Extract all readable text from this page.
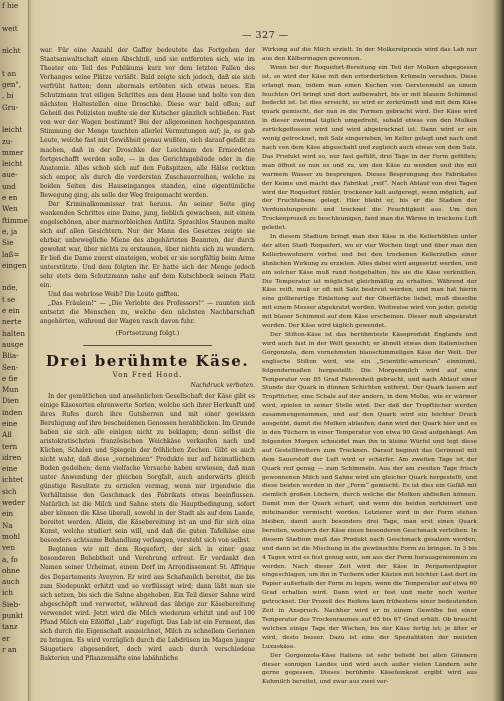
f hie

weit

nicht

t an
gen",
, bi
Gru-

leicht
zu-
mmer
leicht
aue-
und
e en
Wen
ftimme
e, ja
Sie
laß=
eingen

nde,
t se
e ein
nerte
halten
ausge
Blia-
Sen-
e fie
Mun
Dien
inden
eine
All
tern
idren
eine
ichtet
sich
weder
ein
Na
mohl
ven
a, fo
ohne
auch
ich
Sieb-
punkt
tanz
er
r an
— 327 —

war. Für eine Anzahl der Gaffer bedeutete das Fortgehen der Staatsanwaltschaft einen Abschluß, und sie entfernten sich, wie im Theater ein Teil des Publikums kurz vor dem letzten Fallen des Vorhanges seine Plätze verläßt. Bald zeigte sich jedoch, daß sie sich verfrüht hatten; denn abermals ertönten sich etwas neues. Ein Schutzmann trat eiligen Schrittes aus dem Hause und holte von den nächsten Haltestellen eine Droschke. Diese war bald offen; auf Geheiß des Polizisten mußte sie der Kutscher gänzlich schließen. Fast von wer der Wagen bestimmt? Bei der allgemeinen hochgespannten Stimmung der Menge tauchten allerlei Vermutungen auf; ja, es gab Leute, welche fast mit Gewißheit genau wußten, sich darauf gefaßt zu machen, daß in der Droschke der Leichnam des Ermordeten fortgeschafft werden solle, — in das Gerichtsgebäude oder in die Anatomie. Alles schob sich auf den Fußspitzen, alle Hälse reckten sich empor, als durch die vordersten Zuschauerreihen, welche zu beiden Seiten des Hauseinganges standen, eine eigentümliche Bewegung ging, als solle der Weg freigemacht werden.

Der Kriminalkommissar trat heraus. An seiner Seite ging wankenden Schrittes eine Dame, jung, lieblich gewachsen, mit einem engelschönen, aber marmorbleichen Antlitz. Sprachlos Staunen malte sich auf allen Gesichtern. Nur der Mann des Gesetzes zeigte sie ehrbar, unbewegliche Miene des abgehärteten Beamten, der durch gewohnt war, über nichts zu erstaunen, über nichts sich zu wundern. Er ließ die Dame zuerst einsteigen, wobei er sie sorgfältig beim Arme unterstützte. Und dem folgten ihr. Er hatte sich der Menge jedoch sehr stets dem Schutzmann nahe auf dem Kutschbock seinen Platz ein.

Und das wehrlose Weib? Die Leute gafften.

„Das Fräulein!“ — „Die Verlobte des Professors!“ — raunten sich entsetzt die Menschen zu, welche den nächsten Nachbarschaft angehörten, während der Wagen rasch davon fuhr.

(Fortsetzung folgt.)
Drei berühmte Käse.
Von Fred Hood.
Nachdruck verboten.

In der gemütlichen und ansehnlichen Gesellschaft der Käse gibt es einige Käsesorten ehrenwerte Sorten, welche sich ihrer Herkunft und ihres Rufes durch ihre Gutsherren und mit einer gewissen Beruhigung auf ihre bescheidenen Genossen herabblicken. Im Grunde haben sie sich alle einigen nicht zu beklagen; denn selbst die aristokratischsten französischen Weichkäse verkaufen nach und Küchen, Schalen und Spiegeln der fröhlichen Zechen. Gibt es auch nicht wahr, daß diese „vornehmen“ Produkte nur auf heimatlichem Boden gedeihen; denn vielfache Versuche haben erwiesen, daß man unter Anwendung der gleichen Sorgfalt, auch anderwärts gleich günstige Resultate zu erzielen vermag, wenn nur irgendwie die Verhältnisse den Geschmack des Fabrikats etwas beeinflussen. Natürlich ist die Milch und Sahne stets die Hauptbedingung, sofort aber können die Käse überall, sowohl in der Stadt als auf dem Lande, bereitet werden. Allein, die Käsebereitung ist an und für sich eine Kunst, welche studiert sein will, und daß die guten Tafelkäse eine besonders achtsame Behandlung verlangen, versteht sich von selbst.

Beginnen wir mit dem Roquefort, der sich in einer ganz besonderen Beliebtheit und Verehrung erfreut. Er verdankt den Namen seiner Urheimat, einem Dorf im Arrondissement St. Affrique des Departements Aveyron. Er wird aus Schafsmilch bereitet, die bis zum Siedepunkt erhitzt und so verflüssigt wird; dann läßt man sie sich setzen, bis sich die Sahne abgehoben. Ein Teil dieser Sahne wird abgeschöpft und verwertet, während das übrige zur Käsebereitung verwendet wird. Jetzt wird die Milch wiederum erhitzt und auf 100 Pfund Milch ein Eßlöffel „Lab“ zugefügt. Das Lab ist ein Ferment, das sich durch die Eigenschaft auszeichnet, Milch zu schnellem Gerinnen zu bringen. Es wird vorzüglich durch die Labdrüsen im Magen junger Säugetiere abgesondert, doch wird auch durch verschiedene Bakterien und Pflanzensäfte eine labähnliche

Wirkung auf die Milch erzielt. In der Molkereipraxis wird das Lab nur aus den Kälbermagen gewonnen.

Wenn bei der Roquefort-Bereitung ein Teil der Molken abgegossen ist, so wird der Käse mit den erforderlichen Krümeln versehen. Diese erlangt man, indem man einen Kuchen von Gerstenmehl an einem feuchten Ort bringt und dort aufbewahrt, bis er mit blauem Schimmel bedeckt ist. Ist dies erreicht, so wird er zerkrümelt und mit dem Käse quark gemischt, der nun in die Formen gebracht wird. Der Käse wird in dieser zweimal täglich umgedreht, sobald etwas von den Molken zurückgeflossen wird und wird abgetrocknet ist. Dann wird er ein wenig getrocknet, mit Salz eingerieben, im Keller gelegt und nach und nach von dem Käse abgeschabt und zugleich auch etwas von dem Salz. Das Produkt wird so, nur fast gefüllt, drei Tage in der Form gefüllen; man öffnet so nun es und zu, um den Käse zu wenden und ihn mit warmem Wasser zu besprengen. Dieses Besprengung des Fabrikates der Keime und macht das Fabrikat „reif“. Nach Ablauf von drei Tagen wird der Roquefort fühler, trockener kalt aufgeregt, wenn möglich, auf der Fruchtebene gelegt. Hier bleibt er, bis er die Stadien der Verdunstungsreife und trocknet die Feuchtigkeit aus. Um den Trockenprozeß zu beschleunigen, fand man die Wärme in trockene Luft geleitet.

In diesem Stadium bringt man den Käse in die Kellerhöhlen unter der alten Stadt Roquefort, wo er vier Wochen liegt und über man den Kellerbewohnern vorbei und bei den trockenen Kellerzellen einer ähnlichen Wirkung zu erzielen. Alles dabei wird angesetzt werden, und ein solcher Käse muß rund festgehalten, bis sie die Käse verknüllen. Die Temperatur ist möglichst gleichmäßig zu erhalten. Während der Käse reift, muß er oft mit Salz bestreut werden, und man hat hierin eine gollierartige Einleitung auf der Oberfläche liebet, muß dieselbe mit einem Messer abgekratzt werden. Weitweise wird von jeder, geistig mit blauer Schimmel auf dem Käse erscheinen. Dieser muß abgekratzt werden. Der Käse wird täglich gewendet.

Der Stilton-Käse ist das berühmteste Käseprodukt Englands und wird auch fast in der Welt gesucht; er ähnelt etwas dem italienischen Gorgonzola, dem vornehmsten blauschimmeligen Käse der Welt. Der englische Stilton wird, wie ein „Scientific-american“ einnimmt, folgendermaßen hergestellt: Die Morgenmilch wird auf eine Temperatur von 85 Grad Fahrenheit gebracht, und nach Ablauf einer Stunde der Quark in dünnen Schichten entfernt. Der Quark lassen auf Tropftücher, eine Schale auf der andern, in dem Molke, wie er wärmer wird, spielen in seiner Stelle wird. Der daß der Tropftücher werden zusammengenommen, und auf den Quark wird ein leichter Druck ausgeübt, damit die Molken ablaufen; dann wird der Quark hier und es in den Tüchern in einer Temperatur von etwa 90 Grad aufgehängt. Am folgenden Morgen schneidet man ihn in kleine Würfel und legt diese auf Gestellbrettern zum Trocknen. Darauf beginnt das Gerinnsel mit dem Sauerstoff der Luft wird er schärfer. Am zweiten Tage ist der Quark reif genug — zum Schimmeln. Aus der am zweiten Tage frisch gewonnenen Milch und Sahne wird ein gleicher Quark hergestellt, und diese beiden werden in der „Form“ gemischt. Es ist dies ein Gefäß mit ziemlich großen Löchern, durch welche die Molken abfließen können. Damit nun der Quark scharf, und wenn die beiden zerkleinert und miteinander vermischt worden. Letzterer wird in der Form stehen bleiben, damit auch besonders drei Tage, man erst einen Quark bereiten, wodurch der Käse einen besonderen Geschmack verleihen. In diesem Stadium muß das Produkt nach Geschmack gesalzen werden, und dann ist die Mischung in die gewünschte Form zu bringen. In 3 bis 4 Tagen wird es fest genug sein, um aus der Form herausgenommen zu werden. Nach dieser Zeit wird der Käse in Pergamentpapier eingeschlagen, um ihn in Tuchern oder Kästen mit leichter Last dort im Papier außerhalb der Form zu legen, wenn die Temperatur auf etwa 60 Grad erhalten wird. Dann wird er fest und mehr noch weiter getrocknet. Der Prozeß des Reifens kam frühestens einer bedeutenden Zeit in Anspruch. Nachher wird er in einem Gewölbe bei einer Temperatur des Trockenraumes auf 65 bis 67 Grad erhält. Ob braucht welchen einige Tage der Wochen, bis der Käse fertig ist; je älter er wird, desto besser. Dazu ist eine der Spezialitäten der meisten Luxuskäse.

Der Gorgonzola-Käse Italiens ist sehr beliebt bei allen Gönnern dieser sonnigen Landes und wird auch außer vielen Ländern sehr gerne gegessen. Dieses berühmte Käsefeinkost ergibt wird aus Kuhmilch bereitet, und zwar aus zwei ver-
